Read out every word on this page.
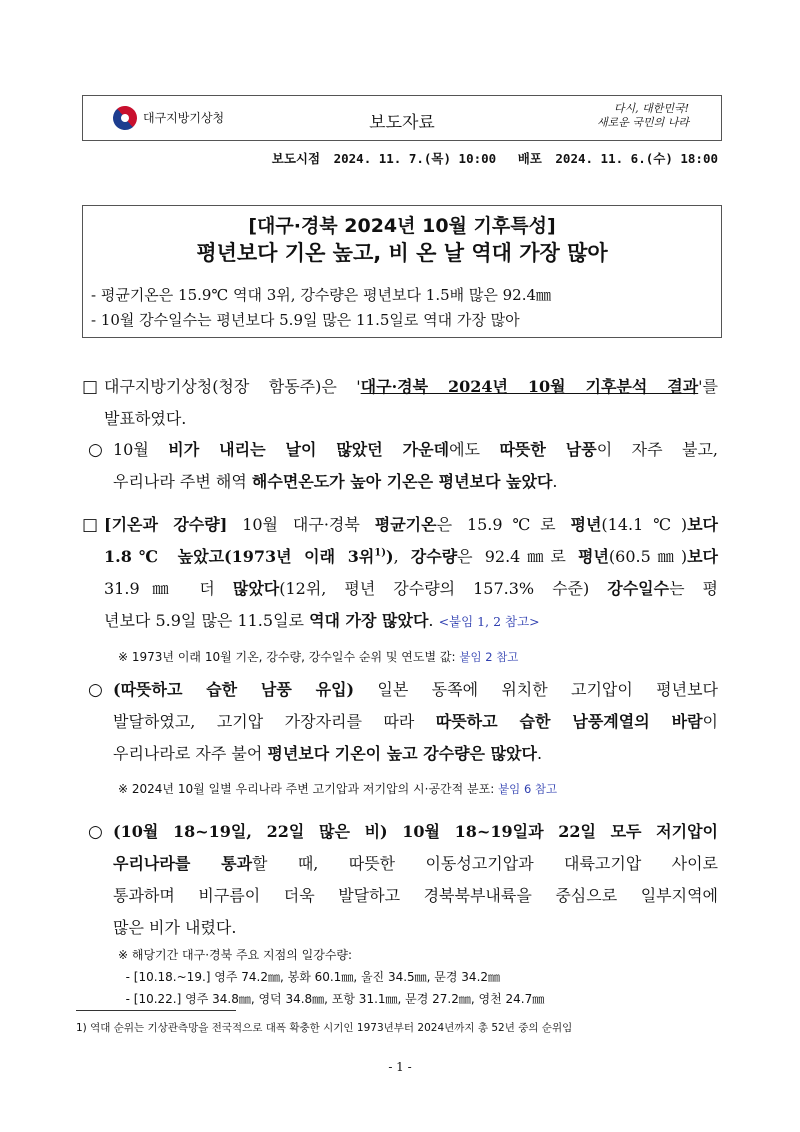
대구지방기상청	보도자료
다시, 대한민국!
새로운 국민의 나라
보도시점 2024. 11. 7.(목) 10:00 배포 2024. 11. 6.(수) 18:00
[대구·경북 2024년 10월 기후특성]
평년보다 기온 높고, 비 온 날 역대 가장 많아
- 평균기온은 15.9℃ 역대 3위, 강수량은 평년보다 1.5배 많은 92.4㎜
- 10월 강수일수는 평년보다 5.9일 많은 11.5일로 역대 가장 많아
□ 대구지방기상청(청장 함동주)은 '대구·경북 2024년 10월 기후분석 결과'를
발표하였다.
○ 10월 비가 내리는 날이 많았던 가운데에도 따뜻한 남풍이 자주 불고,
우리나라 주변 해역 해수면온도가 높아 기온은 평년보다 높았다.
□ [기온과 강수량] 10월 대구·경북 평균기온은 15.9℃로 평년(14.1℃)보다
1.8℃ 높았고(1973년 이래 3위$^{1)}$), 강수량은 92.4㎜로 평년(60.5㎜)보다
31.9㎜ 더 많았다(12위, 평년 강수량의 157.3% 수준) 강수일수는 평
년보다 5.9일 많은 11.5일로 역대 가장 많았다. <붙임 1, 2 참고>
※ 1973년 이래 10월 기온, 강수량, 강수일수 순위 및 연도별 값: 붙임 2 참고
○ (따뜻하고 습한 남풍 유입) 일본 동쪽에 위치한 고기압이 평년보다
발달하였고, 고기압 가장자리를 따라 따뜻하고 습한 남풍계열의 바람이
우리나라로 자주 불어 평년보다 기온이 높고 강수량은 많았다.
※ 2024년 10월 일별 우리나라 주변 고기압과 저기압의 시·공간적 분포: 붙임 6 참고
○ (10월 18~19일, 22일 많은 비) 10월 18~19일과 22일 모두 저기압이
우리나라를 통과할 때, 따뜻한 이동성고기압과 대륙고기압 사이로
통과하며 비구름이 더욱 발달하고 경북북부내륙을 중심으로 일부지역에
많은 비가 내렸다.
※ 해당기간 대구·경북 주요 지점의 일강수량:
- [10.18.~19.] 영주 74.2㎜, 봉화 60.1㎜, 울진 34.5㎜, 문경 34.2㎜
- [10.22.] 영주 34.8㎜, 영덕 34.8㎜, 포항 31.1㎜, 문경 27.2㎜, 영천 24.7㎜
1) 역대 순위는 기상관측망을 전국적으로 대폭 확충한 시기인 1973년부터 2024년까지 총 52년 중의 순위임
- 1 -
